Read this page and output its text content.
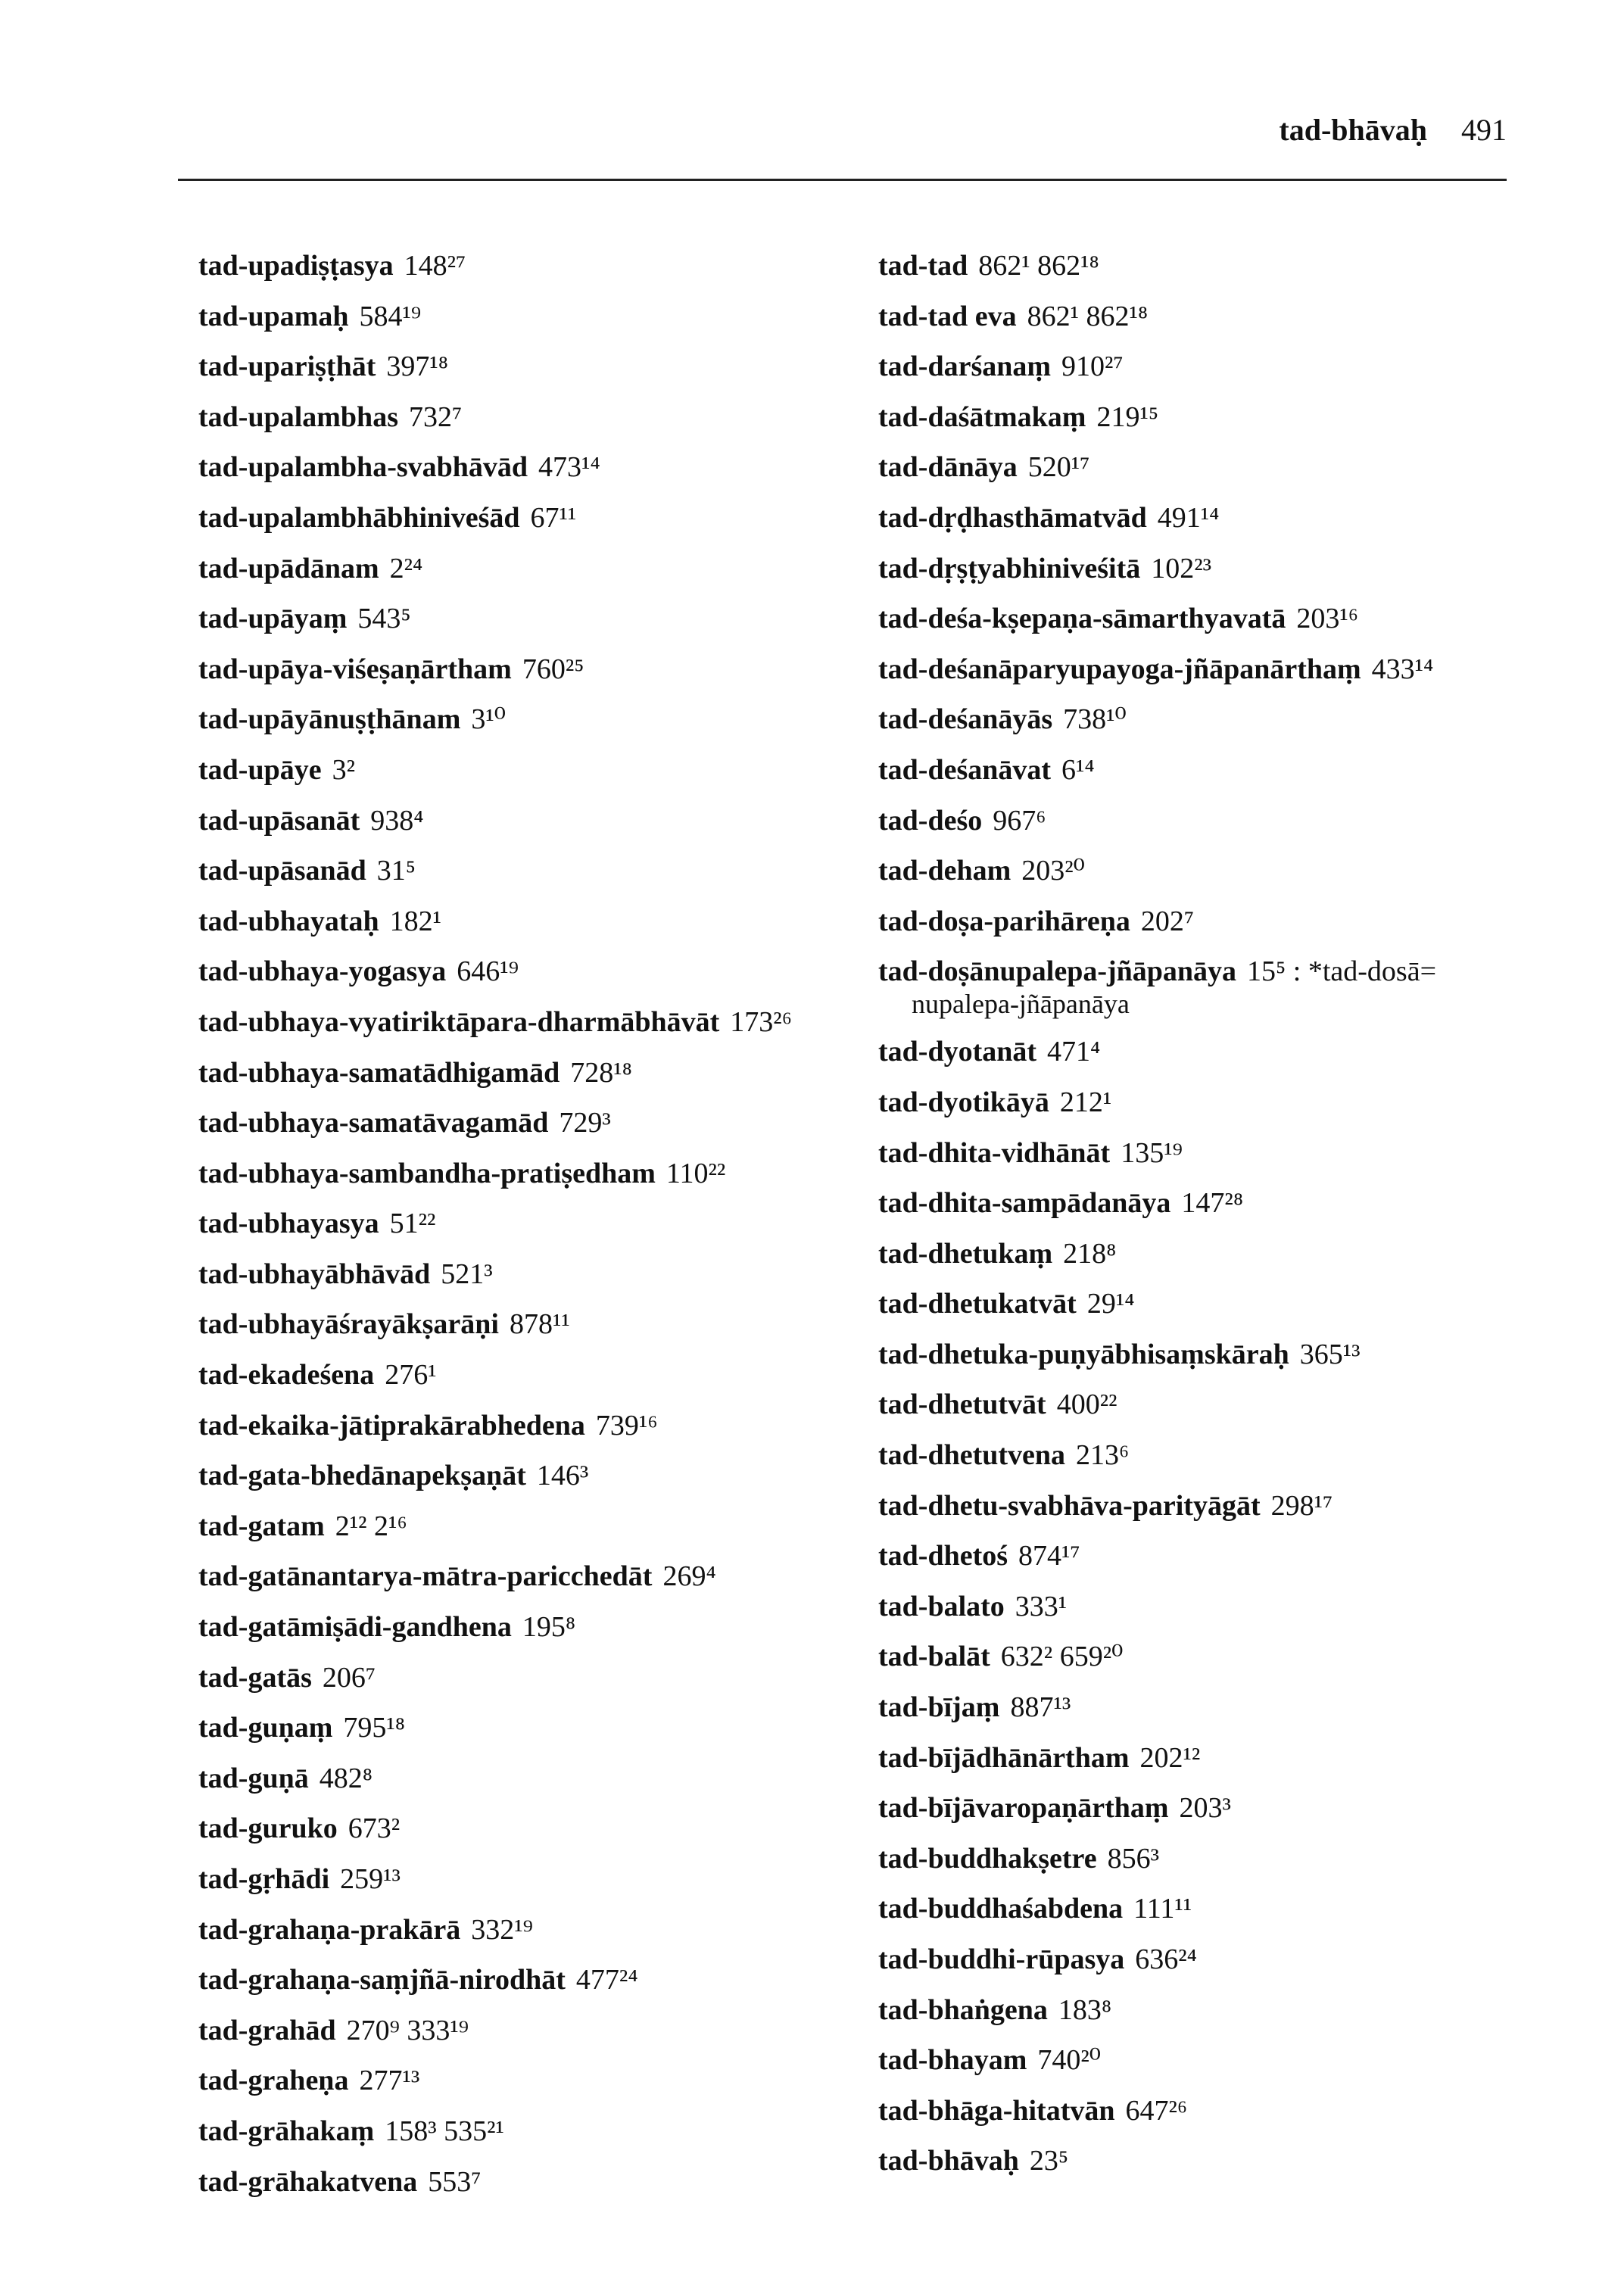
tad-bhāvaḥ 491
tad-upadiṣṭasya 148²⁷
tad-upamaḥ 584¹⁹
tad-upariṣṭhāt 397¹⁸
tad-upalambhas 732⁷
tad-upalambha-svabhāvād 473¹⁴
tad-upalambhābhiniveśād 67¹¹
tad-upādānam 2²⁴
tad-upāyaṃ 543⁵
tad-upāya-viśeṣaṇārtham 760²⁵
tad-upāyānuṣṭhānam 3¹⁰
tad-upāye 3²
tad-upāsanāt 938⁴
tad-upāsanād 31⁵
tad-ubhayataḥ 182¹
tad-ubhaya-yogasya 646¹⁹
tad-ubhaya-vyatiriktāpara-dharmābhāvāt 173²⁶
tad-ubhaya-samatādhigamād 728¹⁸
tad-ubhaya-samatāvagamād 729³
tad-ubhaya-sambandha-pratiṣedham 110²²
tad-ubhayasya 51²²
tad-ubhayābhāvād 521³
tad-ubhayāśrayākṣarāṇi 878¹¹
tad-ekadeśena 276¹
tad-ekaika-jātiprakārabhedena 739¹⁶
tad-gata-bhedānapekṣaṇāt 146³
tad-gatam 2¹² 2¹⁶
tad-gatānantarya-mātra-paricchedāt 269⁴
tad-gatāmiṣādi-gandhena 195⁸
tad-gatās 206⁷
tad-guṇaṃ 795¹⁸
tad-guṇā 482⁸
tad-guruko 673²
tad-gṛhādi 259¹³
tad-grahaṇa-prakārā 332¹⁹
tad-grahaṇa-saṃjñā-nirodhāt 477²⁴
tad-grahād 270⁹ 333¹⁹
tad-graheṇa 277¹³
tad-grāhakaṃ 158³ 535²¹
tad-grāhakatvena 553⁷
tad-tad 862¹ 862¹⁸
tad-tad eva 862¹ 862¹⁸
tad-darśanaṃ 910²⁷
tad-daśātmakaṃ 219¹⁵
tad-dānāya 520¹⁷
tad-dṛḍhasthāmatvād 491¹⁴
tad-dṛṣṭyabhiniveśitā 102²³
tad-deśa-kṣepaṇa-sāmarthyavatā 203¹⁶
tad-deśanāparyupayoga-jñāpanārthaṃ 433¹⁴
tad-deśanāyās 738¹⁰
tad-deśanāvat 6¹⁴
tad-deśo 967⁶
tad-deham 203²⁰
tad-doṣa-parihāreṇa 202⁷
tad-doṣānupalepa-jñāpanāya 15⁵ : *tad-dosā=
nupalepa-jñāpanāya
tad-dyotanāt 471⁴
tad-dyotikāyā 212¹
tad-dhita-vidhānāt 135¹⁹
tad-dhita-sampādanāya 147²⁸
tad-dhetukaṃ 218⁸
tad-dhetukatvāt 29¹⁴
tad-dhetuka-puṇyābhisaṃskāraḥ 365¹³
tad-dhetutvāt 400²²
tad-dhetutvena 213⁶
tad-dhetu-svabhāva-parityāgāt 298¹⁷
tad-dhetoś 874¹⁷
tad-balato 333¹
tad-balāt 632² 659²⁰
tad-bījaṃ 887¹³
tad-bījādhānārtham 202¹²
tad-bījāvaropaṇārthaṃ 203³
tad-buddhakṣetre 856³
tad-buddhaśabdena 111¹¹
tad-buddhi-rūpasya 636²⁴
tad-bhaṅgena 183⁸
tad-bhayam 740²⁰
tad-bhāga-hitatvān 647²⁶
tad-bhāvaḥ 23⁵
